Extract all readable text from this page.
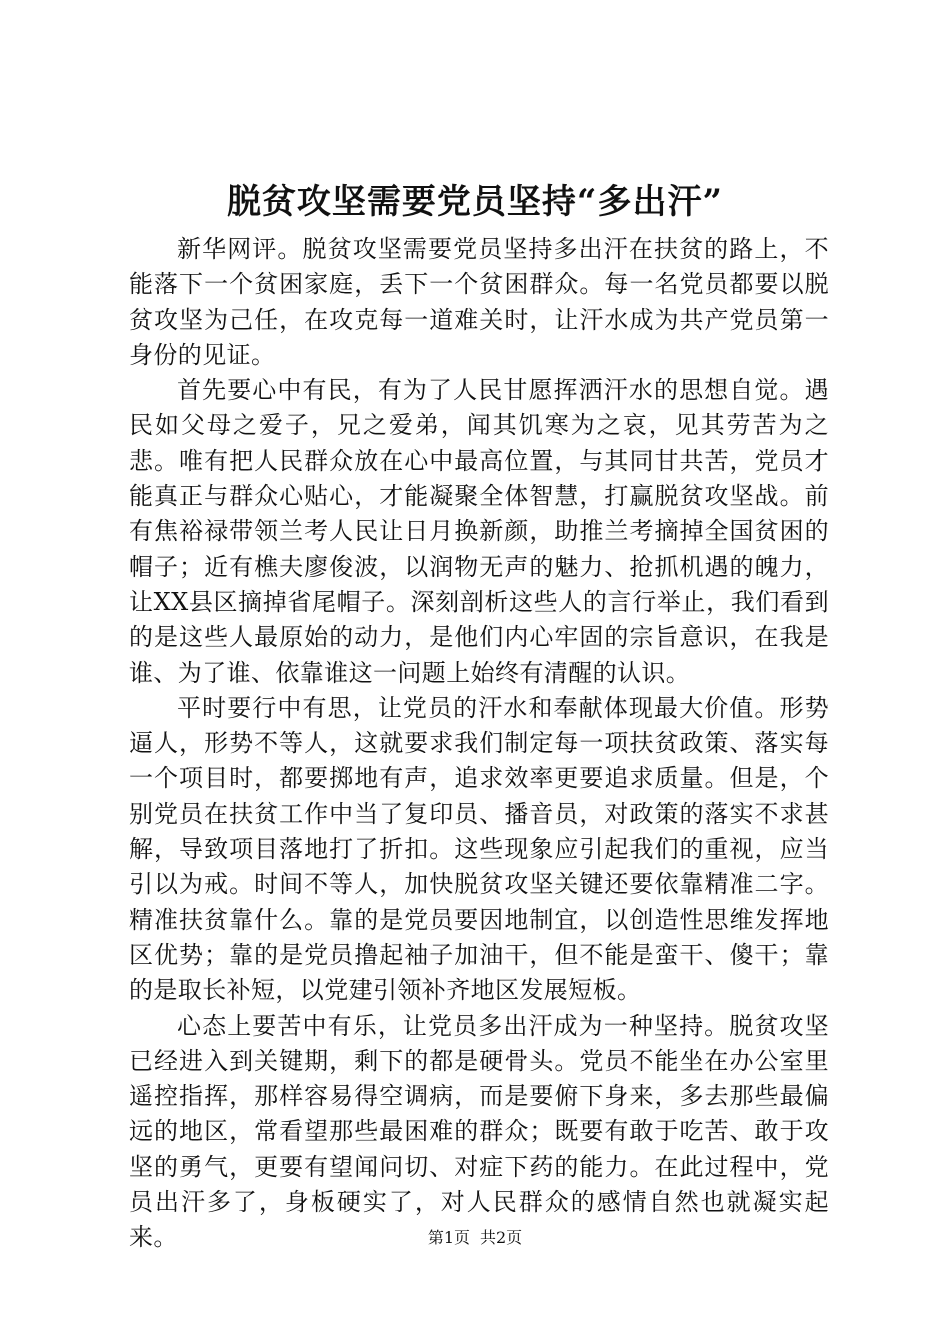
脱贫攻坚需要党员坚持“多出汗”

新华网评。脱贫攻坚需要党员坚持多出汗在扶贫的路上，不能落下一个贫困家庭，丢下一个贫困群众。每一名党员都要以脱贫攻坚为己任，在攻克每一道难关时，让汗水成为共产党员第一身份的见证。

首先要心中有民，有为了人民甘愿挥洒汗水的思想自觉。遇民如父母之爱子，兄之爱弟，闻其饥寒为之哀，见其劳苦为之悲。唯有把人民群众放在心中最高位置，与其同甘共苦，党员才能真正与群众心贴心，才能凝聚全体智慧，打赢脱贫攻坚战。前有焦裕禄带领兰考人民让日月换新颜，助推兰考摘掉全国贫困的帽子；近有樵夫廖俊波，以润物无声的魅力、抢抓机遇的魄力，让XX县区摘掉省尾帽子。深刻剖析这些人的言行举止，我们看到的是这些人最原始的动力，是他们内心牢固的宗旨意识，在我是谁、为了谁、依靠谁这一问题上始终有清醒的认识。

平时要行中有思，让党员的汗水和奉献体现最大价值。形势逼人，形势不等人，这就要求我们制定每一项扶贫政策、落实每一个项目时，都要掷地有声，追求效率更要追求质量。但是，个别党员在扶贫工作中当了复印员、播音员，对政策的落实不求甚解，导致项目落地打了折扣。这些现象应引起我们的重视，应当引以为戒。时间不等人，加快脱贫攻坚关键还要依靠精准二字。精准扶贫靠什么。靠的是党员要因地制宜，以创造性思维发挥地区优势；靠的是党员撸起袖子加油干，但不能是蛮干、傻干；靠的是取长补短，以党建引领补齐地区发展短板。

心态上要苦中有乐，让党员多出汗成为一种坚持。脱贫攻坚已经进入到关键期，剩下的都是硬骨头。党员不能坐在办公室里遥控指挥，那样容易得空调病，而是要俯下身来，多去那些最偏远的地区，常看望那些最困难的群众；既要有敢于吃苦、敢于攻坚的勇气，更要有望闻问切、对症下药的能力。在此过程中，党员出汗多了，身板硬实了，对人民群众的感情自然也就凝实起来。	第1页 共2页
